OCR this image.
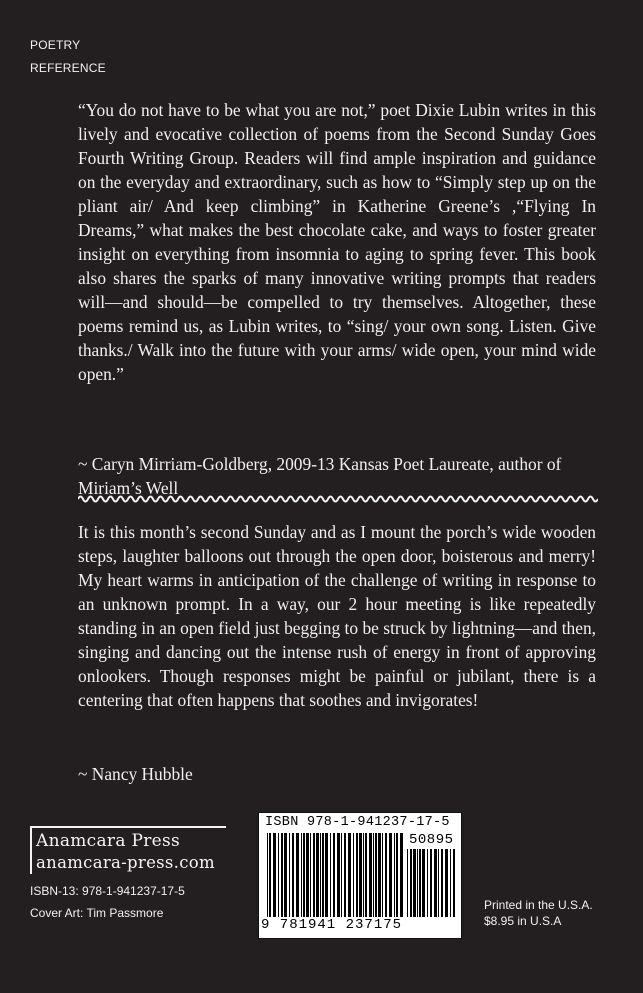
POETRY
REFERENCE

“You do not have to be what you are not,” poet Dixie Lubin writes in this lively and evocative collection of poems from the Second Sunday Goes Fourth Writing Group. Readers will find ample inspiration and guidance on the everyday and extraordinary, such as how to “Simply step up on the pliant air/ And keep climbing” in Katherine Greene’s ,“Flying In Dreams,” what makes the best chocolate cake, and ways to foster greater insight on everything from insomnia to aging to spring fever. This book also shares the sparks of many innovative writing prompts that readers will—and should—be compelled to try themselves. Altogether, these poems remind us, as Lubin writes, to “sing/ your own song. Listen. Give thanks./ Walk into the future with your arms/ wide open, your mind wide open.”

~ Caryn Mirriam-Goldberg, 2009-13 Kansas Poet Laureate, author of Miriam’s Well

It is this month’s second Sunday and as I mount the porch’s wide wooden steps, laughter balloons out through the open door, boisterous and merry! My heart warms in anticipation of the challenge of writing in response to an unknown prompt. In a way, our 2 hour meeting is like repeatedly standing in an open field just begging to be struck by lightning—and then, singing and dancing out the intense rush of energy in front of approving onlookers. Though responses might be painful or jubilant, there is a centering that often happens that soothes and invigorates!

~ Nancy Hubble

Anamcara Press
anamcara-press.com
ISBN-13: 978-1-941237-17-5
Cover Art: Tim Passmore
ISBN 978-1-941237-17-5
50895
9 781941 237175
Printed in the U.S.A.
$8.95 in U.S.A
